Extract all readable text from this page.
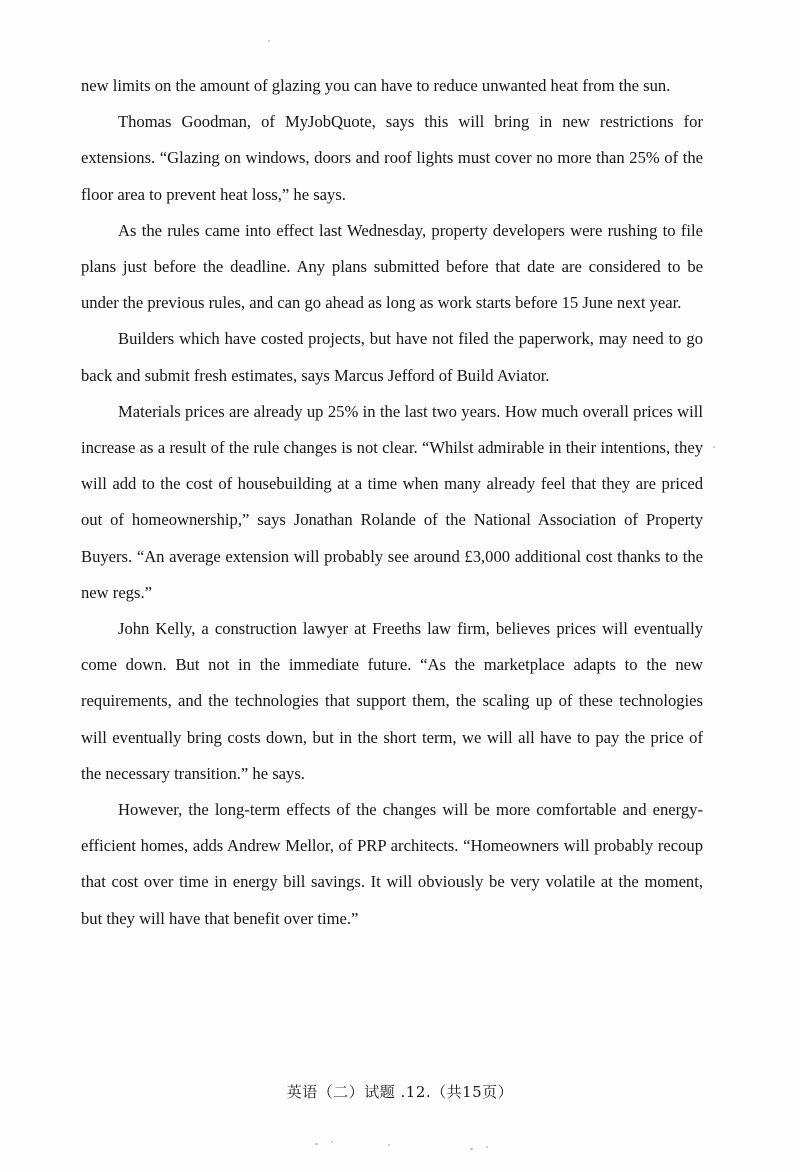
new limits on the amount of glazing you can have to reduce unwanted heat from the sun.

Thomas Goodman, of MyJobQuote, says this will bring in new restrictions for extensions. “Glazing on windows, doors and roof lights must cover no more than 25% of the floor area to prevent heat loss,” he says.

As the rules came into effect last Wednesday, property developers were rushing to file plans just before the deadline. Any plans submitted before that date are considered to be under the previous rules, and can go ahead as long as work starts before 15 June next year.

Builders which have costed projects, but have not filed the paperwork, may need to go back and submit fresh estimates, says Marcus Jefford of Build Aviator.

Materials prices are already up 25% in the last two years. How much overall prices will increase as a result of the rule changes is not clear. “Whilst admirable in their intentions, they will add to the cost of housebuilding at a time when many already feel that they are priced out of homeownership,” says Jonathan Rolande of the National Association of Property Buyers. “An average extension will probably see around £3,000 additional cost thanks to the new regs.”

John Kelly, a construction lawyer at Freeths law firm, believes prices will eventually come down. But not in the immediate future. “As the marketplace adapts to the new requirements, and the technologies that support them, the scaling up of these technologies will eventually bring costs down, but in the short term, we will all have to pay the price of the necessary transition.” he says.

However, the long-term effects of the changes will be more comfortable and energy-efficient homes, adds Andrew Mellor, of PRP architects. “Homeowners will probably recoup that cost over time in energy bill savings. It will obviously be very volatile at the moment, but they will have that benefit over time.”

英语（二）试题 .12.（共15页）
